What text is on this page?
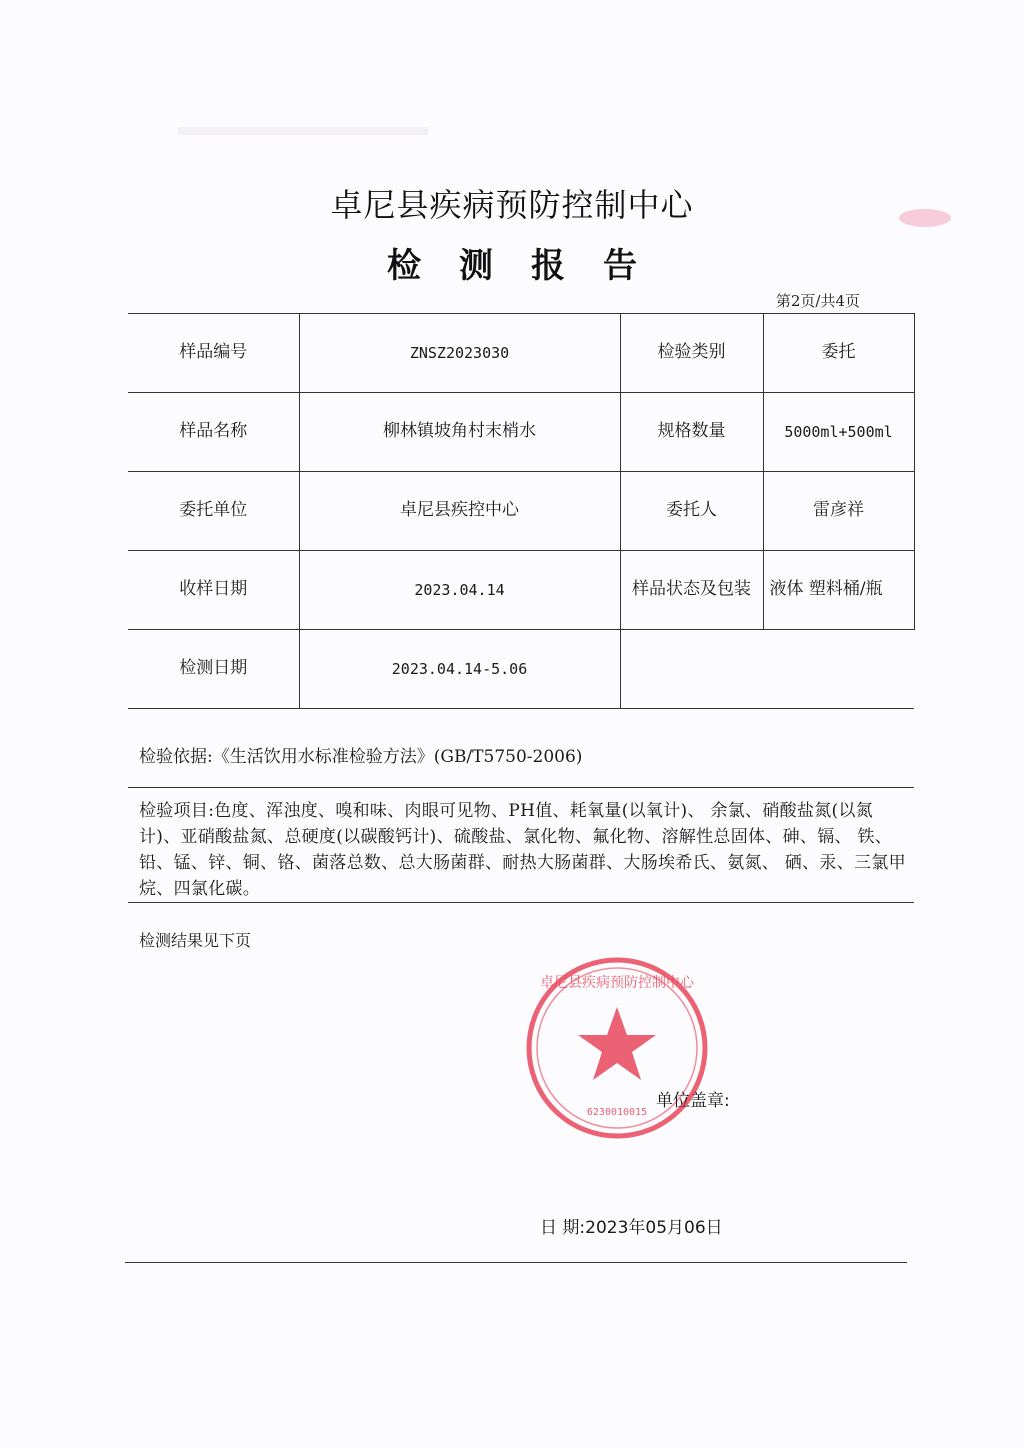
卓尼县疾病预防控制中心
检测报告
第2页/共4页
样品编号	ZNSZ2023030	检验类别	委托
样品名称	柳林镇坡角村末梢水	规格数量	5000ml+500ml
委托单位	卓尼县疾控中心	委托人	雷彦祥
收样日期	2023.04.14	样品状态及包装	液体 塑料桶/瓶
检测日期	2023.04.14-5.06		
检验依据:《生活饮用水标准检验方法》(GB/T5750-2006)
检验项目:色度、浑浊度、嗅和味、肉眼可见物、PH值、耗氧量(以氧计)、 余氯、硝酸盐氮(以氮计)、亚硝酸盐氮、总硬度(以碳酸钙计)、硫酸盐、氯化物、氟化物、溶解性总固体、砷、镉、 铁、铅、锰、锌、铜、铬、菌落总数、总大肠菌群、耐热大肠菌群、大肠埃希氏、氨氮、 硒、汞、三氯甲烷、四氯化碳。
检测结果见下页
卓尼县疾病预防控制中心
6230010015
单位盖章:
日 期:2023年05月06日
